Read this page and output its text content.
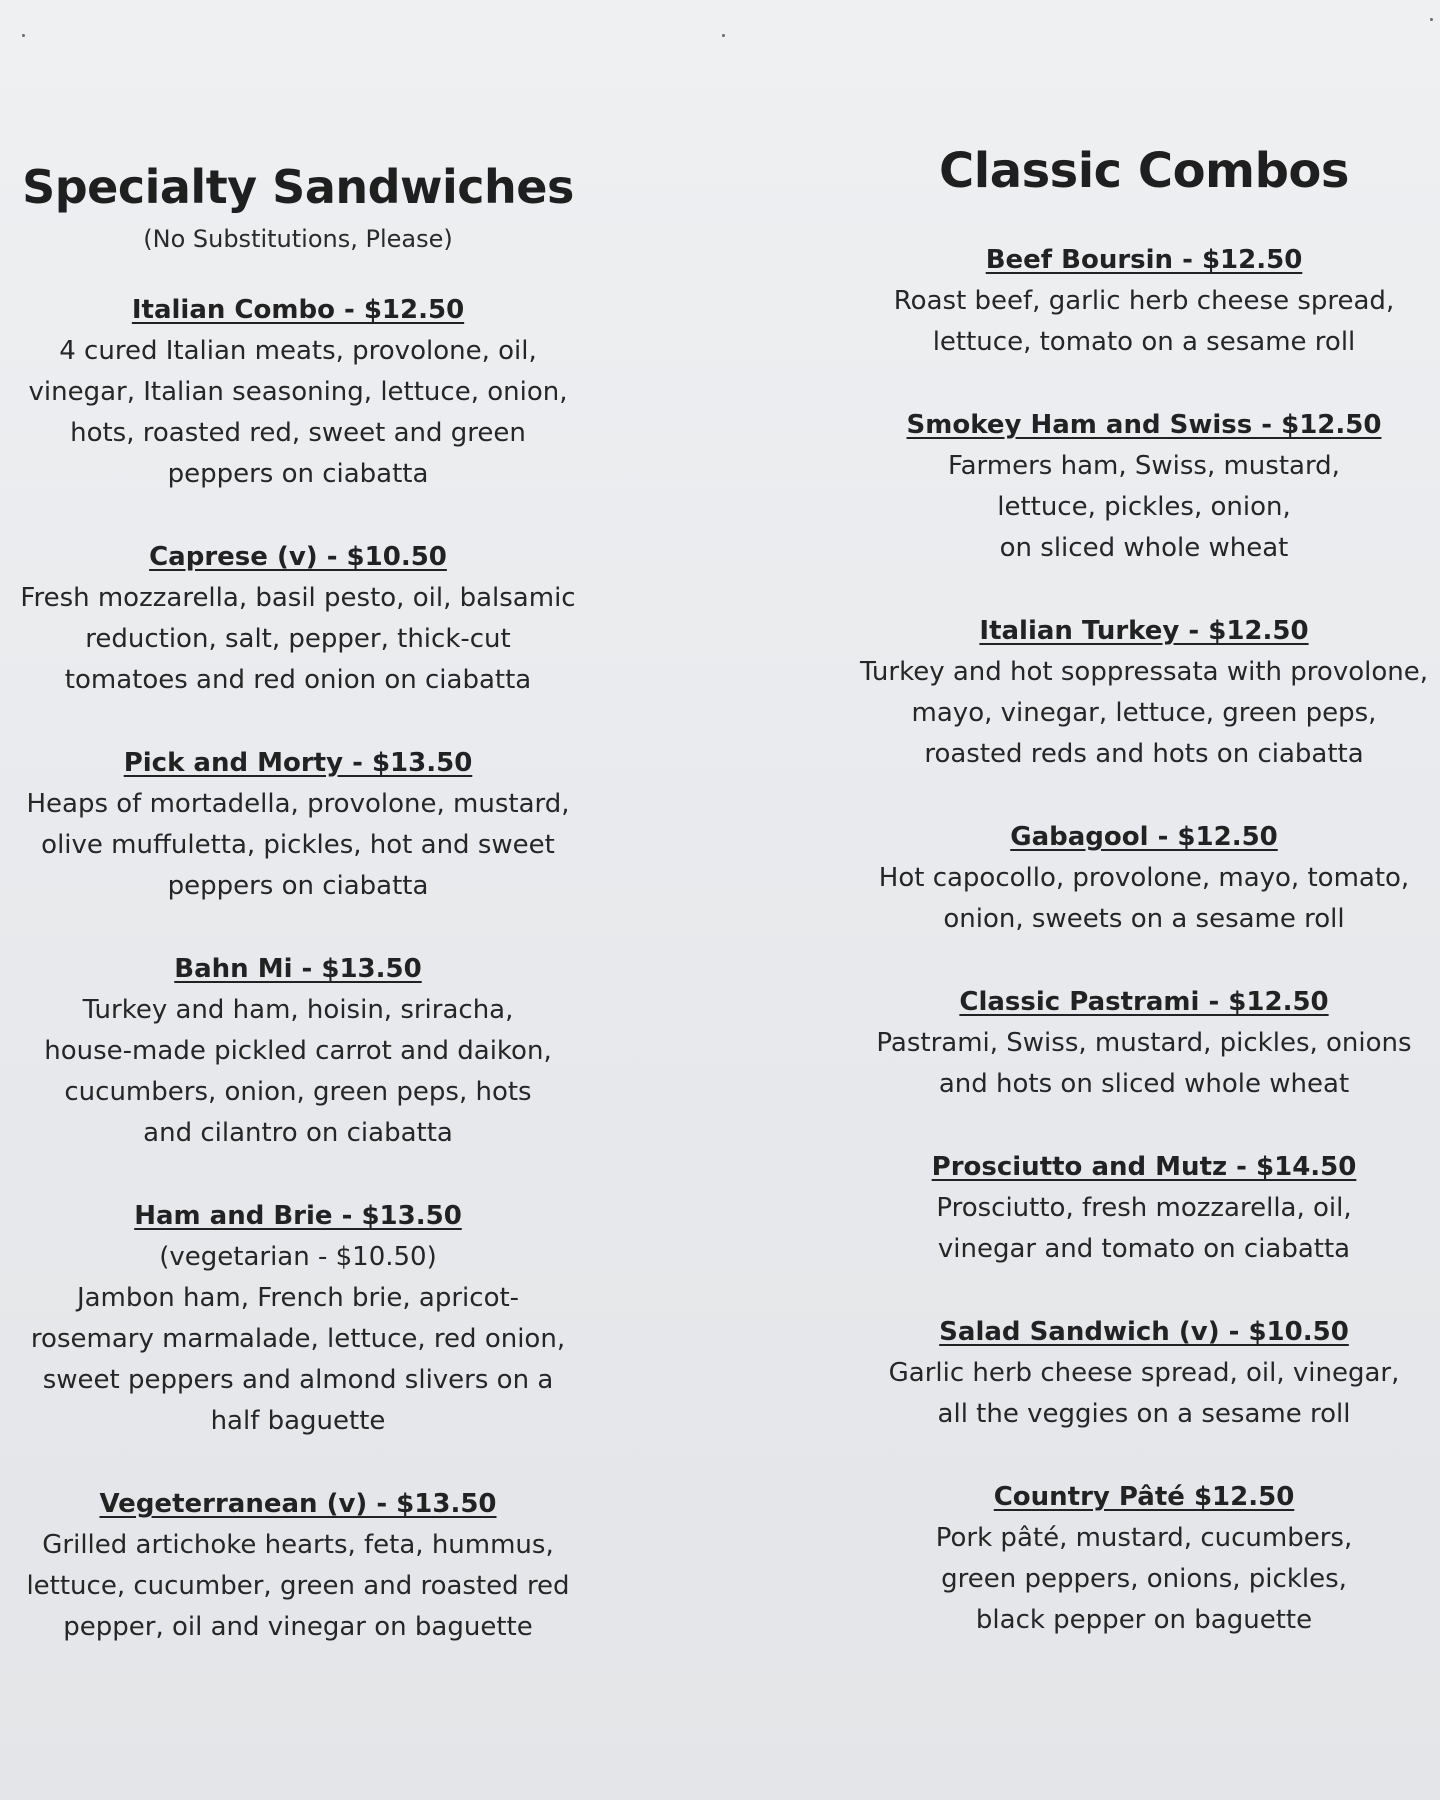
Specialty Sandwiches

(No Substitutions, Please)

Italian Combo - $12.50
4 cured Italian meats, provolone, oil,
vinegar, Italian seasoning, lettuce, onion,
hots, roasted red, sweet and green
peppers on ciabatta
Caprese (v) - $10.50
Fresh mozzarella, basil pesto, oil, balsamic
reduction, salt, pepper, thick-cut
tomatoes and red onion on ciabatta
Pick and Morty - $13.50
Heaps of mortadella, provolone, mustard,
olive muffuletta, pickles, hot and sweet
peppers on ciabatta
Bahn Mi - $13.50
Turkey and ham, hoisin, sriracha,
house-made pickled carrot and daikon,
cucumbers, onion, green peps, hots
and cilantro on ciabatta
Ham and Brie - $13.50
(vegetarian - $10.50)
Jambon ham, French brie, apricot-
rosemary marmalade, lettuce, red onion,
sweet peppers and almond slivers on a
half baguette
Vegeterranean (v) - $13.50
Grilled artichoke hearts, feta, hummus,
lettuce, cucumber, green and roasted red
pepper, oil and vinegar on baguette
Classic Combos
Beef Boursin - $12.50
Roast beef, garlic herb cheese spread,
lettuce, tomato on a sesame roll
Smokey Ham and Swiss - $12.50
Farmers ham, Swiss, mustard,
lettuce, pickles, onion,
on sliced whole wheat
Italian Turkey - $12.50
Turkey and hot soppressata with provolone,
mayo, vinegar, lettuce, green peps,
roasted reds and hots on ciabatta
Gabagool - $12.50
Hot capocollo, provolone, mayo, tomato,
onion, sweets on a sesame roll
Classic Pastrami - $12.50
Pastrami, Swiss, mustard, pickles, onions
and hots on sliced whole wheat
Prosciutto and Mutz - $14.50
Prosciutto, fresh mozzarella, oil,
vinegar and tomato on ciabatta
Salad Sandwich (v) - $10.50
Garlic herb cheese spread, oil, vinegar,
all the veggies on a sesame roll
Country Pâté $12.50
Pork pâté, mustard, cucumbers,
green peppers, onions, pickles,
black pepper on baguette
